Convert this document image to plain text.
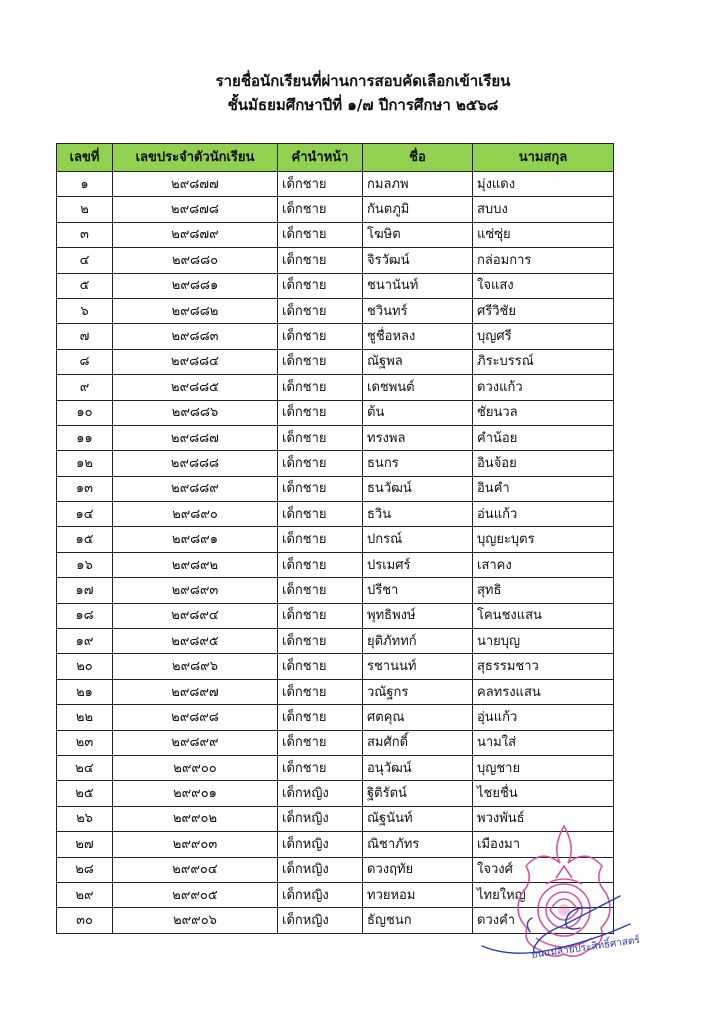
รายชื่อนักเรียนที่ผ่านการสอบคัดเลือกเข้าเรียน
ชั้นมัธยมศึกษาปีที่ ๑/๗ ปีการศึกษา ๒๕๖๘
เลขที่	เลขประจำตัวนักเรียน	คำนำหน้า	ชื่อ	นามสกุล
๑	๒๙๘๗๗	เด็กชาย	กมลภพ	มุ่งแดง
๒	๒๙๘๗๘	เด็กชาย	กันตภูมิ	สบบง
๓	๒๙๘๗๙	เด็กชาย	โฆษิต	แซ่ซุ่ย
๔	๒๙๘๘๐	เด็กชาย	จิรวัฒน์	กล่อมการ
๕	๒๙๘๘๑	เด็กชาย	ชนานันท์	ใจแสง
๖	๒๙๘๘๒	เด็กชาย	ชวินทร์	ศรีวิชัย
๗	๒๙๘๘๓	เด็กชาย	ชูชื่อหลง	บุญศรี
๘	๒๙๘๘๔	เด็กชาย	ณัฐพล	ภิระบรรณ์
๙	๒๙๘๘๕	เด็กชาย	เดชพนต์	ดวงแก้ว
๑๐	๒๙๘๘๖	เด็กชาย	ต้น	ชัยนวล
๑๑	๒๙๘๘๗	เด็กชาย	ทรงพล	คำน้อย
๑๒	๒๙๘๘๘	เด็กชาย	ธนกร	อินจ้อย
๑๓	๒๙๘๘๙	เด็กชาย	ธนวัฒน์	อินคำ
๑๔	๒๙๘๙๐	เด็กชาย	ธวิน	อ่นแก้ว
๑๕	๒๙๘๙๑	เด็กชาย	ปกรณ์	บุญยะบุตร
๑๖	๒๙๘๙๒	เด็กชาย	ปรเมศร์	เสาคง
๑๗	๒๙๘๙๓	เด็กชาย	ปรีชา	สุทธิ
๑๘	๒๙๘๙๔	เด็กชาย	พุทธิพงษ์	โคนชงแสน
๑๙	๒๙๘๙๕	เด็กชาย	ยุติภัททก์	นายบุญ
๒๐	๒๙๘๙๖	เด็กชาย	รชานนท์	สุธรรมชาว
๒๑	๒๙๘๙๗	เด็กชาย	วณัฐกร	คลทรงแสน
๒๒	๒๙๘๙๘	เด็กชาย	ศตคุณ	อุ่นแก้ว
๒๓	๒๙๘๙๙	เด็กชาย	สมศักดิ์	นามใส่
๒๔	๒๙๙๐๐	เด็กชาย	อนุวัฒน์	บุญชาย
๒๕	๒๙๙๐๑	เด็กหญิง	ฐิติรัตน์	ไชยชื่น
๒๖	๒๙๙๐๒	เด็กหญิง	ณัฐนันท์	พวงพันธ์
๒๗	๒๙๙๐๓	เด็กหญิง	ณิชาภัทร	เมืองมา
๒๘	๒๙๙๐๔	เด็กหญิง	ดวงฤทัย	ใจวงศ์
๒๙	๒๙๙๐๕	เด็กหญิง	ทวยหอม	ไทยใหญ่
๓๐	๒๙๙๐๖	เด็กหญิง	ธัญชนก	ดวงคำ
ยนแม่สายประสิทธิ์ศาสตร์
